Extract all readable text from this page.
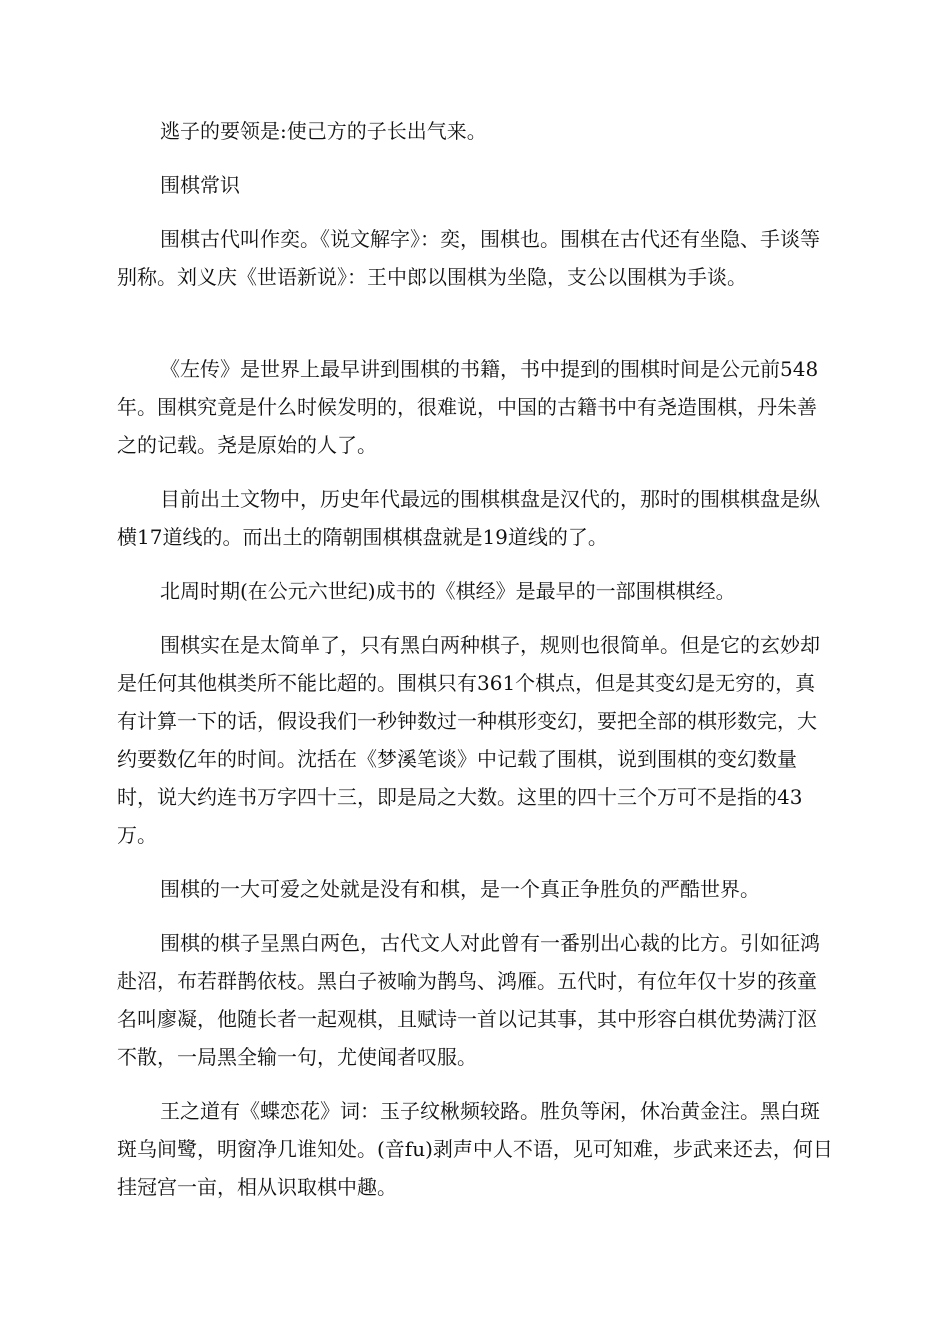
逃子的要领是:使己方的子长出气来。

围棋常识

围棋古代叫作奕。《说文解字》：奕，围棋也。围棋在古代还有坐隐、手谈等别称。刘义庆《世语新说》：王中郎以围棋为坐隐，支公以围棋为手谈。

《左传》是世界上最早讲到围棋的书籍，书中提到的围棋时间是公元前548年。围棋究竟是什么时候发明的，很难说，中国的古籍书中有尧造围棋，丹朱善之的记载。尧是原始的人了。

目前出土文物中，历史年代最远的围棋棋盘是汉代的，那时的围棋棋盘是纵横17道线的。而出土的隋朝围棋棋盘就是19道线的了。

北周时期(在公元六世纪)成书的《棋经》是最早的一部围棋棋经。

围棋实在是太简单了，只有黑白两种棋子，规则也很简单。但是它的玄妙却是任何其他棋类所不能比超的。围棋只有361个棋点，但是其变幻是无穷的，真有计算一下的话，假设我们一秒钟数过一种棋形变幻，要把全部的棋形数完，大约要数亿年的时间。沈括在《梦溪笔谈》中记载了围棋，说到围棋的变幻数量时，说大约连书万字四十三，即是局之大数。这里的四十三个万可不是指的43万。

围棋的一大可爱之处就是没有和棋，是一个真正争胜负的严酷世界。

围棋的棋子呈黑白两色，古代文人对此曾有一番别出心裁的比方。引如征鸿赴沼，布若群鹊依枝。黑白子被喻为鹊鸟、鸿雁。五代时，有位年仅十岁的孩童名叫廖凝，他随长者一起观棋，且赋诗一首以记其事，其中形容白棋优势满汀沤不散，一局黑全输一句，尤使闻者叹服。

王之道有《蝶恋花》词：玉子纹楸频较路。胜负等闲，休冶黄金注。黑白斑斑乌间鹭，明窗净几谁知处。(音fu)剥声中人不语，见可知难，步武来还去，何日挂冠宫一亩，相从识取棋中趣。
